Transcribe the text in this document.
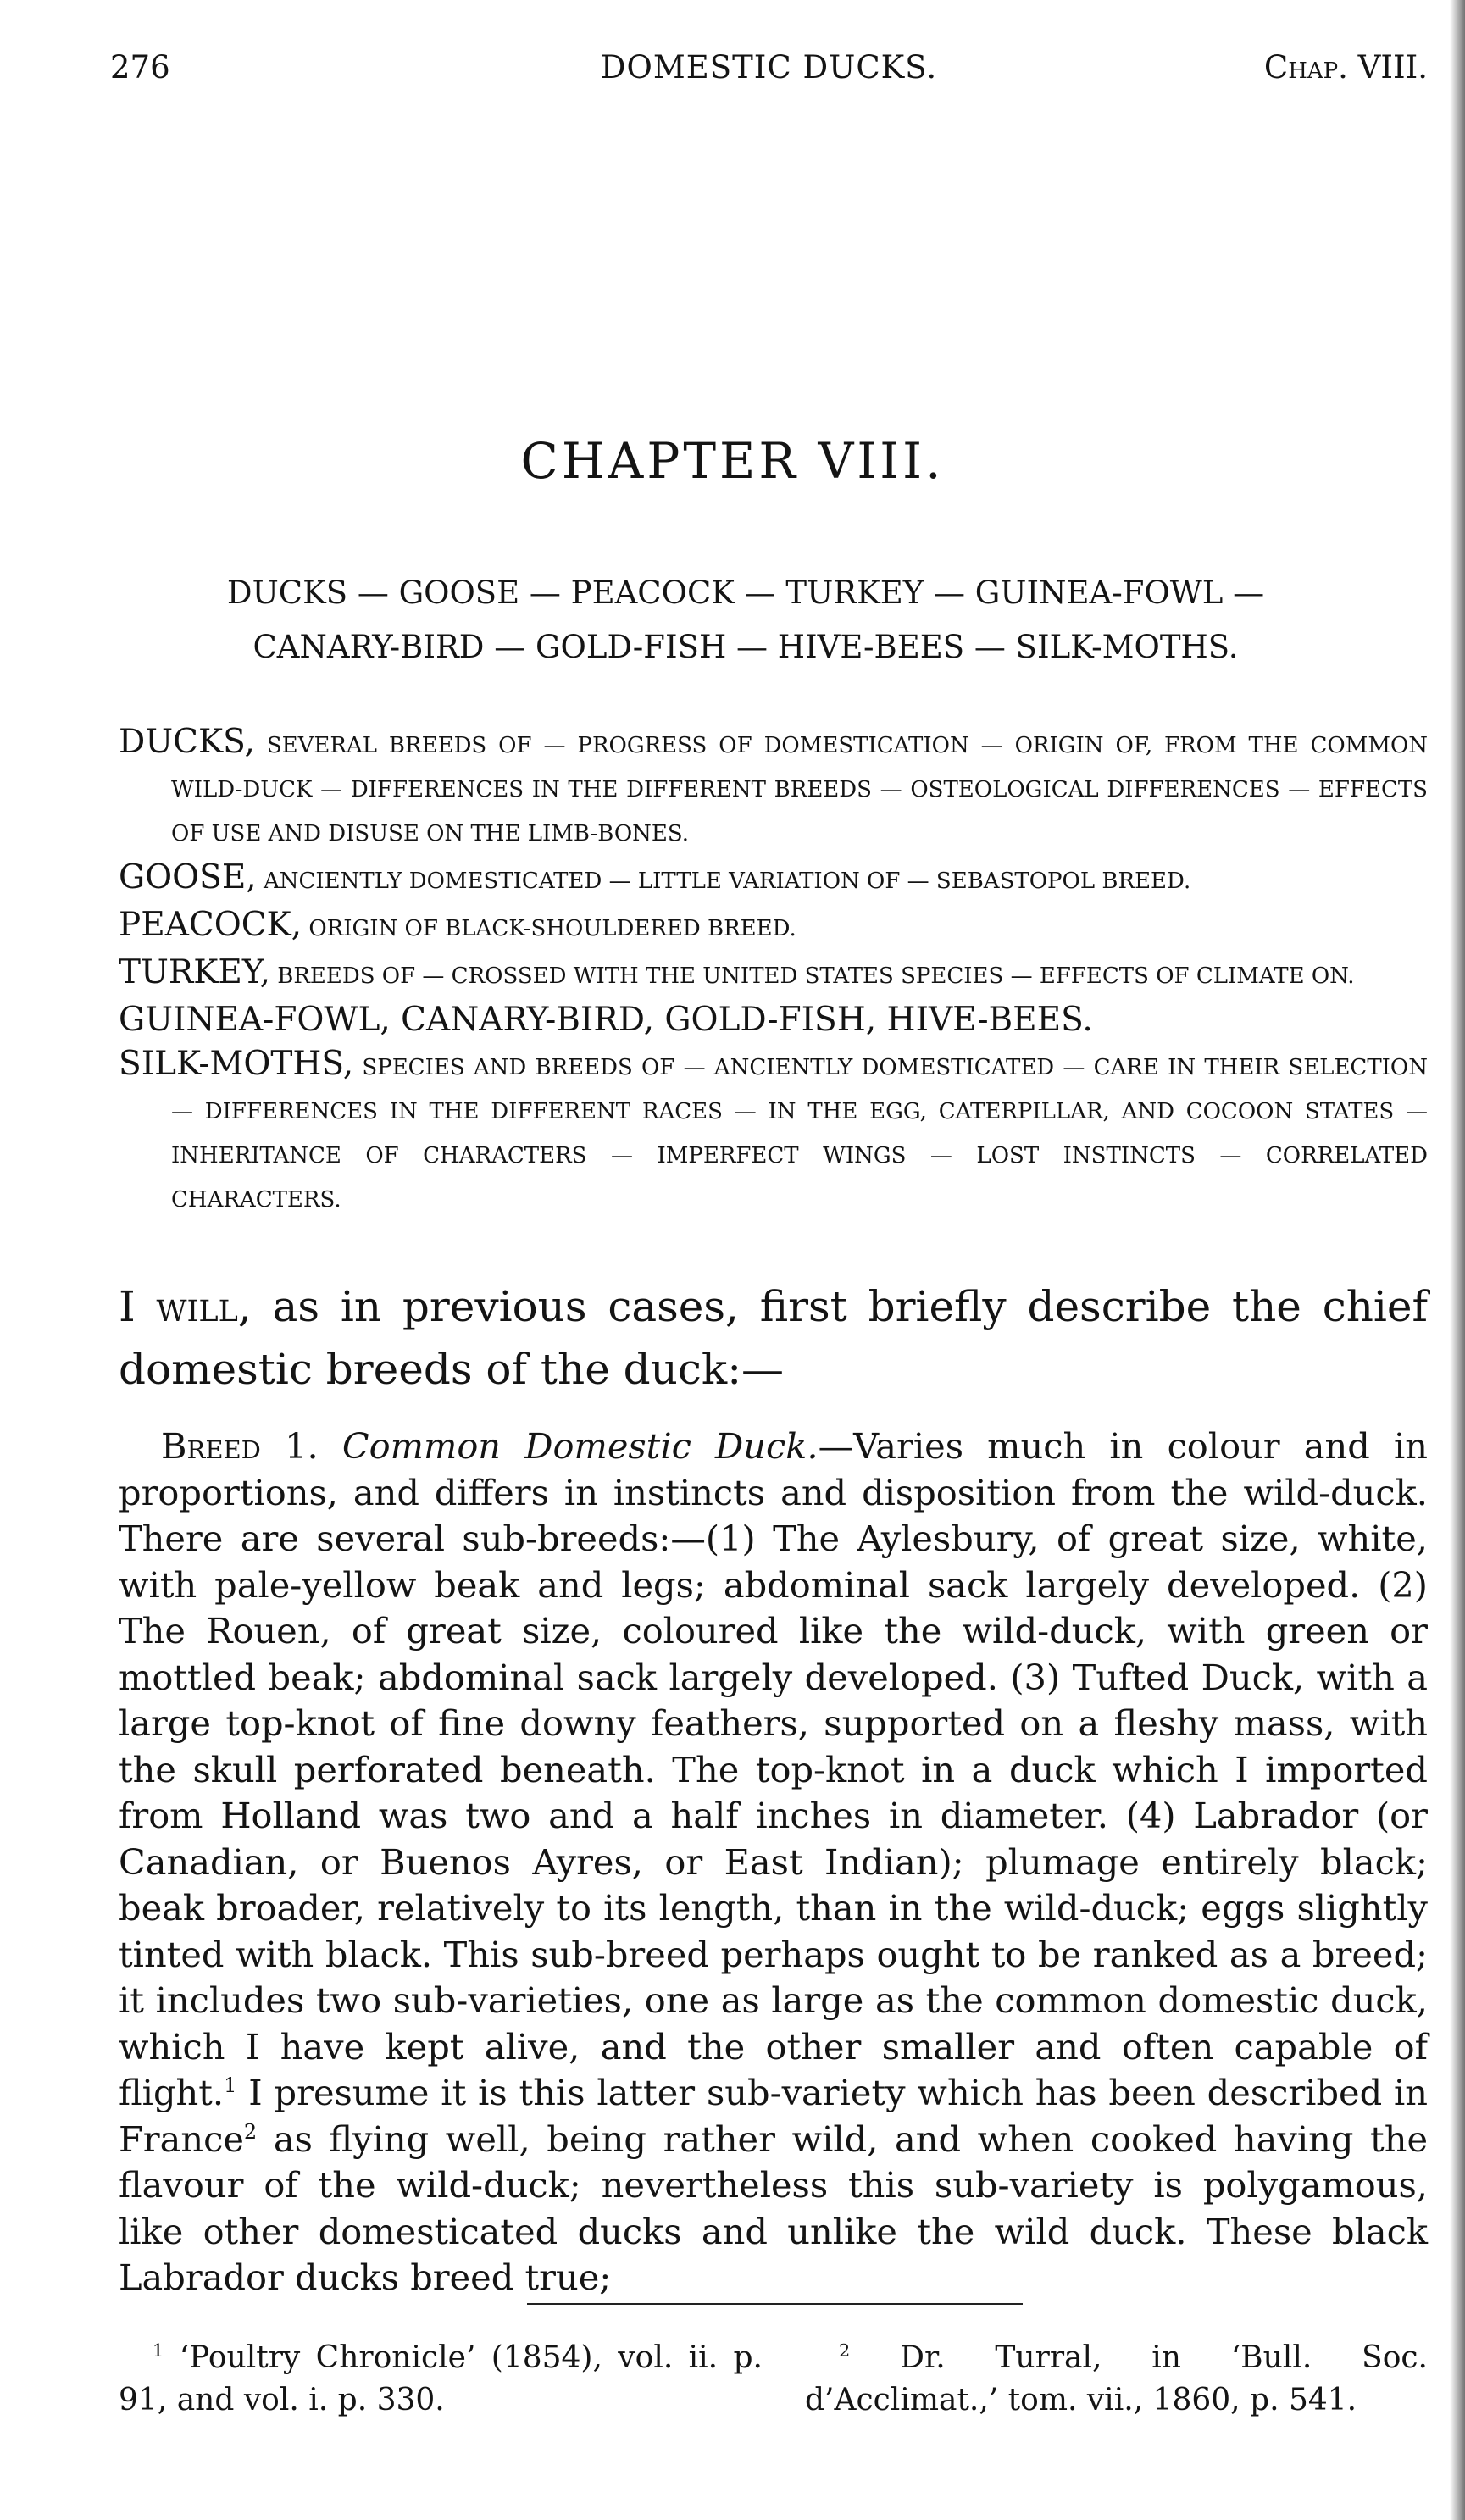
276	DOMESTIC DUCKS.	Chap. VIII.
CHAPTER VIII.
DUCKS — GOOSE — PEACOCK — TURKEY — GUINEA-FOWL —
CANARY-BIRD — GOLD-FISH — HIVE-BEES — SILK-MOTHS.

DUCKS, SEVERAL BREEDS OF — PROGRESS OF DOMESTICATION — ORIGIN OF, FROM THE COMMON WILD-DUCK — DIFFERENCES IN THE DIFFERENT BREEDS — OSTEOLOGICAL DIFFERENCES — EFFECTS OF USE AND DISUSE ON THE LIMB-BONES.

GOOSE, ANCIENTLY DOMESTICATED — LITTLE VARIATION OF — SEBASTOPOL BREED.

PEACOCK, ORIGIN OF BLACK-SHOULDERED BREED.

TURKEY, BREEDS OF — CROSSED WITH THE UNITED STATES SPECIES — EFFECTS OF CLIMATE ON.

GUINEA-FOWL, CANARY-BIRD, GOLD-FISH, HIVE-BEES.

SILK-MOTHS, SPECIES AND BREEDS OF — ANCIENTLY DOMESTICATED — CARE IN THEIR SELECTION — DIFFERENCES IN THE DIFFERENT RACES — IN THE EGG, CATERPILLAR, AND COCOON STATES — INHERITANCE OF CHARACTERS — IMPERFECT WINGS — LOST INSTINCTS — CORRELATED CHARACTERS.

I will, as in previous cases, first briefly describe the chief domestic breeds of the duck:—

Breed 1. Common Domestic Duck.—Varies much in colour and in proportions, and differs in instincts and disposition from the wild-duck. There are several sub-breeds:—(1) The Aylesbury, of great size, white, with pale-yellow beak and legs; abdominal sack largely developed. (2) The Rouen, of great size, coloured like the wild-duck, with green or mottled beak; abdominal sack largely developed. (3) Tufted Duck, with a large top-knot of fine downy feathers, supported on a fleshy mass, with the skull perforated beneath. The top-knot in a duck which I imported from Holland was two and a half inches in diameter. (4) Labrador (or Canadian, or Buenos Ayres, or East Indian); plumage entirely black; beak broader, relatively to its length, than in the wild-duck; eggs slightly tinted with black. This sub-breed perhaps ought to be ranked as a breed; it includes two sub-varieties, one as large as the common domestic duck, which I have kept alive, and the other smaller and often capable of flight.$^1$ I presume it is this latter sub-variety which has been described in France$^2$ as flying well, being rather wild, and when cooked having the flavour of the wild-duck; nevertheless this sub-variety is polygamous, like other domesticated ducks and unlike the wild duck. These black Labrador ducks breed true;

$^1$ ‘Poultry Chronicle’ (1854), vol. ii. p. 91, and vol. i. p. 330.

$^2$ Dr. Turral, in ‘Bull. Soc. d’Acclimat.,’ tom. vii., 1860, p. 541.
